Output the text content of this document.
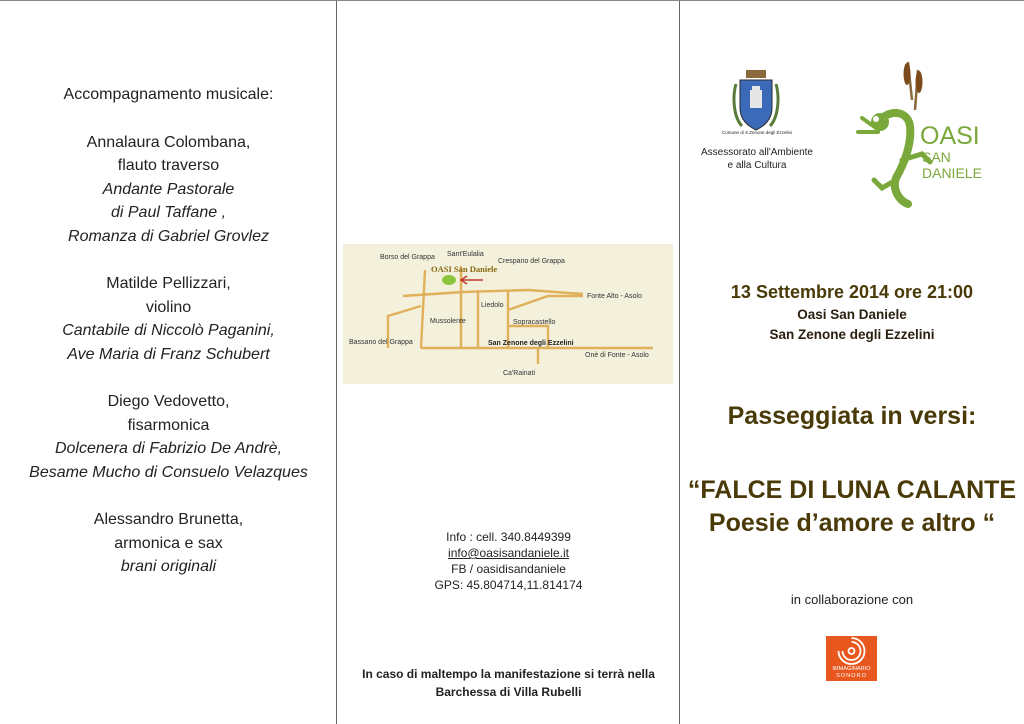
Accompagnamento musicale:
Annalaura Colombana,
flauto traverso
Andante Pastorale
di Paul Taffane ,
Romanza di Gabriel Grovlez
Matilde Pellizzari,
violino
Cantabile di Niccolò Paganini,
Ave Maria di Franz Schubert
Diego Vedovetto,
fisarmonica
Dolcenera di Fabrizio De Andrè,
Besame Mucho di Consuelo Velazques
Alessandro Brunetta,
armonica e sax
brani originali
Borso del Grappa Sant'Eulalia
Crespano del Grappa
OASI San Daniele
Fonte Alto - Asolo
Liedolo
Mussolente	Sopracastello
Bassano del Grappa	San Zenone degli Ezzelini
Onè di Fonte - Asolo
Ca'Rainati
Info : cell. 340.8449399
info@oasisandaniele.it
FB / oasidisandaniele
GPS: 45.804714,11.814174
In caso di maltempo la manifestazione si terrà nella
Barchessa di Villa Rubelli
Comune di S.Zenone degli Ezzelini
Assessorato all'Ambiente
e alla Cultura
OASI
SAN
DANIELE
13 Settembre 2014 ore 21:00
Oasi San Daniele
San Zenone degli Ezzelini
Passeggiata in versi:
“FALCE DI LUNA CALANTE
Poesie d’amore e altro “
in collaborazione con
IMMAGINARIO
SONORO
